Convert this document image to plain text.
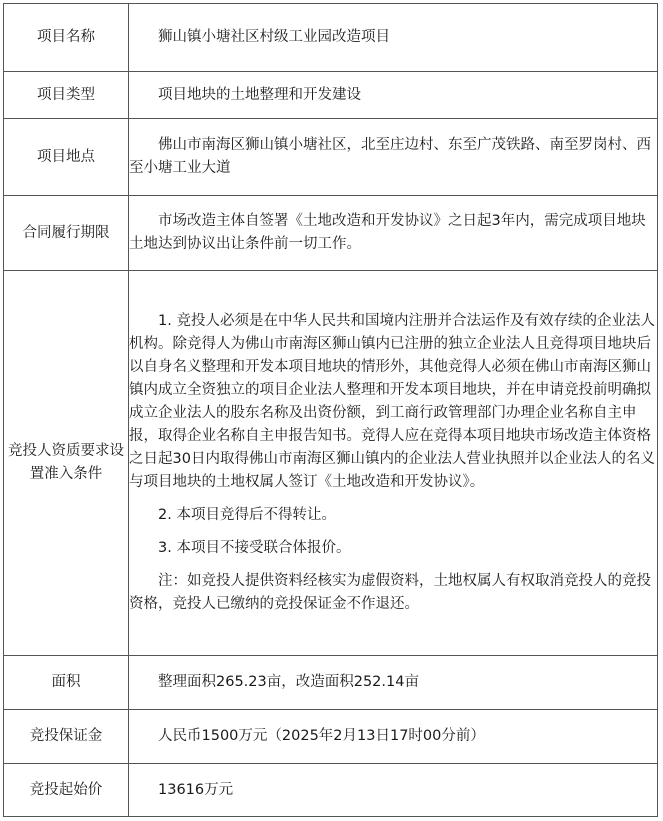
项目名称	狮山镇小塘社区村级工业园改造项目
项目类型	项目地块的土地整理和开发建设
项目地点	佛山市南海区狮山镇小塘社区，北至庄边村、东至广茂铁路、南至罗岗村、西至小塘工业大道
合同履行期限	市场改造主体自签署《土地改造和开发协议》之日起3年内，需完成项目地块土地达到协议出让条件前一切工作。
竞投人资质要求设置准入条件	1. 竞投人必须是在中华人民共和国境内注册并合法运作及有效存续的企业法人机构。除竞得人为佛山市南海区狮山镇内已注册的独立企业法人且竞得项目地块后以自身名义整理和开发本项目地块的情形外，其他竞得人必须在佛山市南海区狮山镇内成立全资独立的项目企业法人整理和开发本项目地块，并在申请竞投前明确拟成立企业法人的股东名称及出资份额，到工商行政管理部门办理企业名称自主申报，取得企业名称自主申报告知书。竞得人应在竞得本项目地块市场改造主体资格之日起30日内取得佛山市南海区狮山镇内的企业法人营业执照并以企业法人的名义与项目地块的土地权属人签订《土地改造和开发协议》。

2. 本项目竞得后不得转让。

3. 本项目不接受联合体报价。

注：如竞投人提供资料经核实为虚假资料，土地权属人有权取消竞投人的竞投资格，竞投人已缴纳的竞投保证金不作退还。

面积	整理面积265.23亩，改造面积252.14亩
竞投保证金	人民币1500万元（2025年2月13日17时00分前）
竞投起始价	13616万元
